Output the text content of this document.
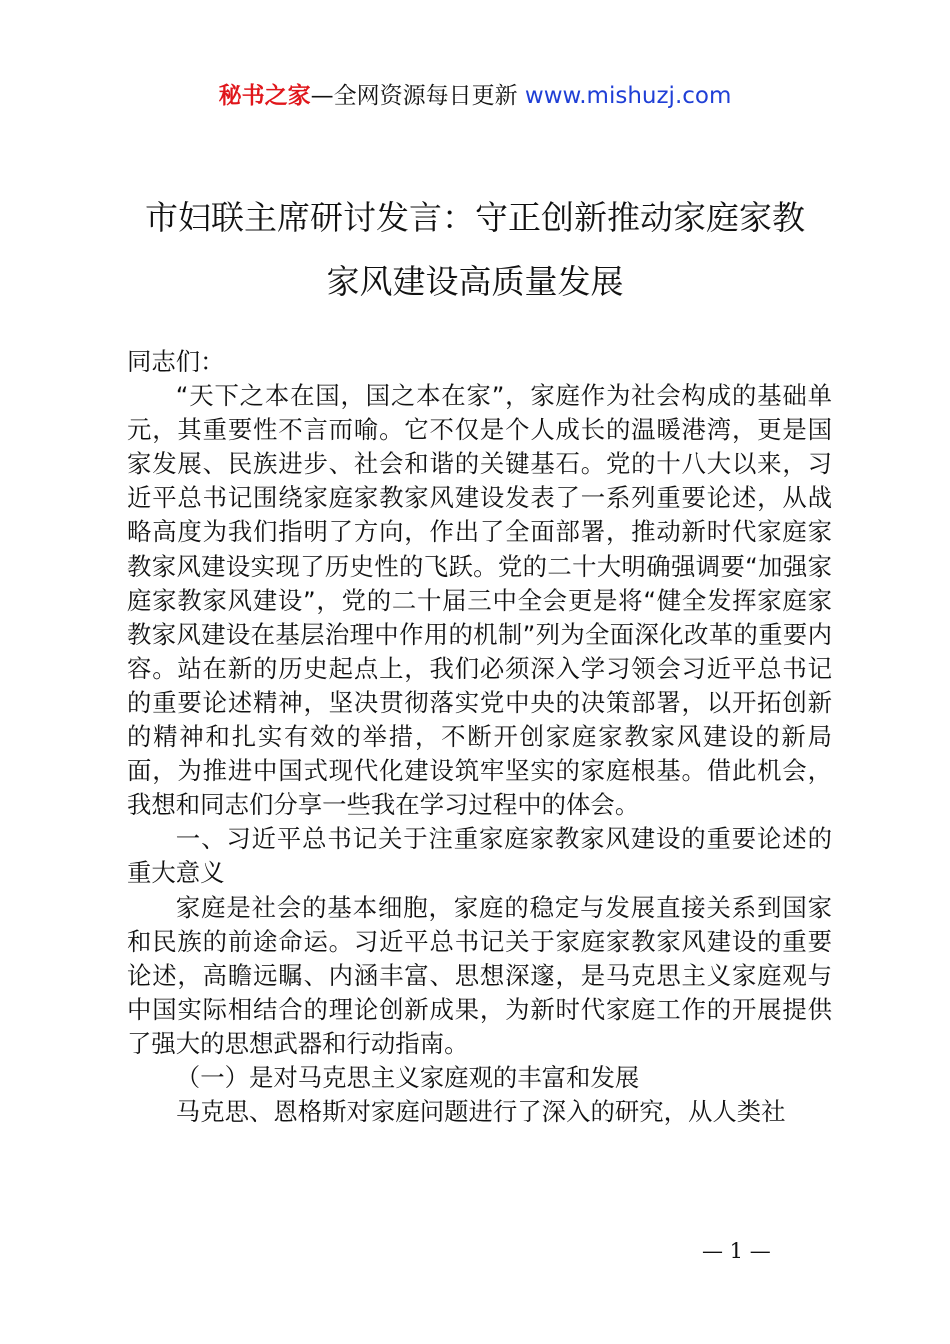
秘书之家—全网资源每日更新 www.mishuzj.com
市妇联主席研讨发言：守正创新推动家庭家教
家风建设高质量发展

同志们：

“天下之本在国，国之本在家”，家庭作为社会构成的基础单元，其重要性不言而喻。它不仅是个人成长的温暖港湾，更是国家发展、民族进步、社会和谐的关键基石。党的十八大以来，习近平总书记围绕家庭家教家风建设发表了一系列重要论述，从战略高度为我们指明了方向，作出了全面部署，推动新时代家庭家教家风建设实现了历史性的飞跃。党的二十大明确强调要“加强家庭家教家风建设”，党的二十届三中全会更是将“健全发挥家庭家教家风建设在基层治理中作用的机制”列为全面深化改革的重要内容。站在新的历史起点上，我们必须深入学习领会习近平总书记的重要论述精神，坚决贯彻落实党中央的决策部署，以开拓创新的精神和扎实有效的举措，不断开创家庭家教家风建设的新局面，为推进中国式现代化建设筑牢坚实的家庭根基。借此机会，我想和同志们分享一些我在学习过程中的体会。

一、习近平总书记关于注重家庭家教家风建设的重要论述的重大意义

家庭是社会的基本细胞，家庭的稳定与发展直接关系到国家和民族的前途命运。习近平总书记关于家庭家教家风建设的重要论述，高瞻远瞩、内涵丰富、思想深邃，是马克思主义家庭观与中国实际相结合的理论创新成果，为新时代家庭工作的开展提供了强大的思想武器和行动指南。

（一）是对马克思主义家庭观的丰富和发展

马克思、恩格斯对家庭问题进行了深入的研究，从人类社

— 1 —
